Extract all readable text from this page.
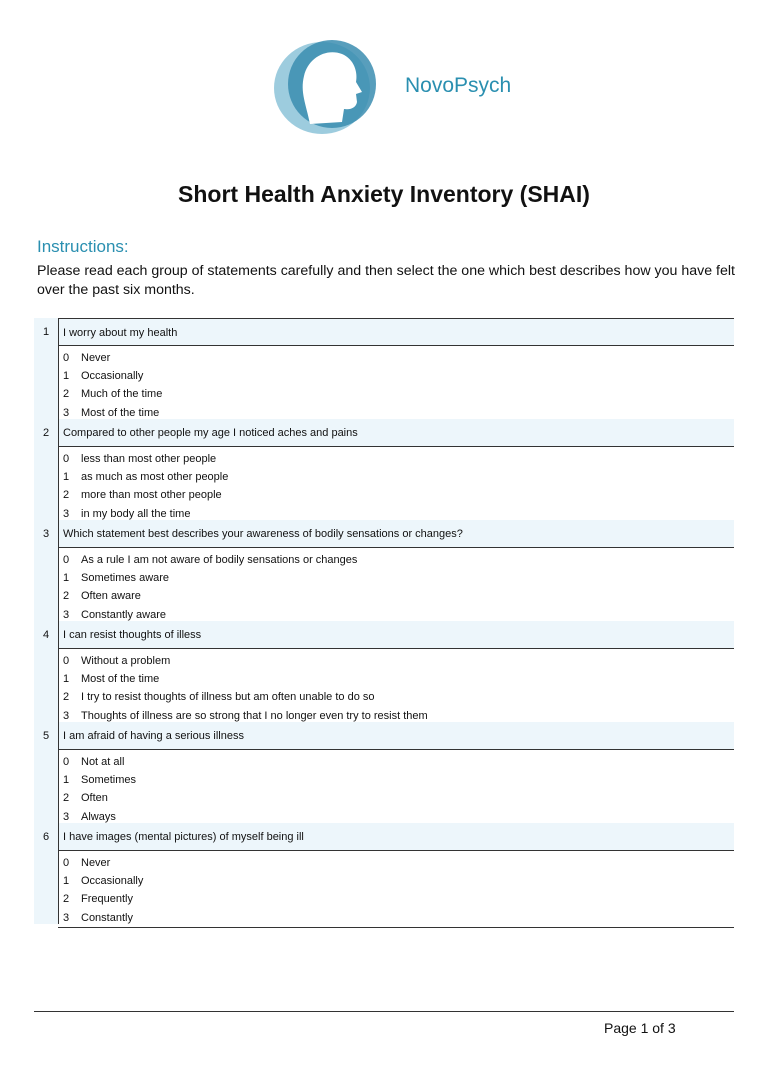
NovoPsych
Short Health Anxiety Inventory (SHAI)
Instructions:
Please read each group of statements carefully and then select the one which best describes how you have felt over the past six months.
1	I worry about my health
0	Never
1	Occasionally
2	Much of the time
3	Most of the time
2	Compared to other people my age I noticed aches and pains
0	less than most other people
1	as much as most other people
2	more than most other people
3	in my body all the time
3	Which statement best describes your awareness of bodily sensations or changes?
0	As a rule I am not aware of bodily sensations or changes
1	Sometimes aware
2	Often aware
3	Constantly aware
4	I can resist thoughts of illess
0	Without a problem
1	Most of the time
2	I try to resist thoughts of illness but am often unable to do so
3	Thoughts of illness are so strong that I no longer even try to resist them
5	I am afraid of having a serious illness
0	Not at all
1	Sometimes
2	Often
3	Always
6	I have images (mental pictures) of myself being ill
0	Never
1	Occasionally
2	Frequently
3	Constantly
Page 1 of 3
